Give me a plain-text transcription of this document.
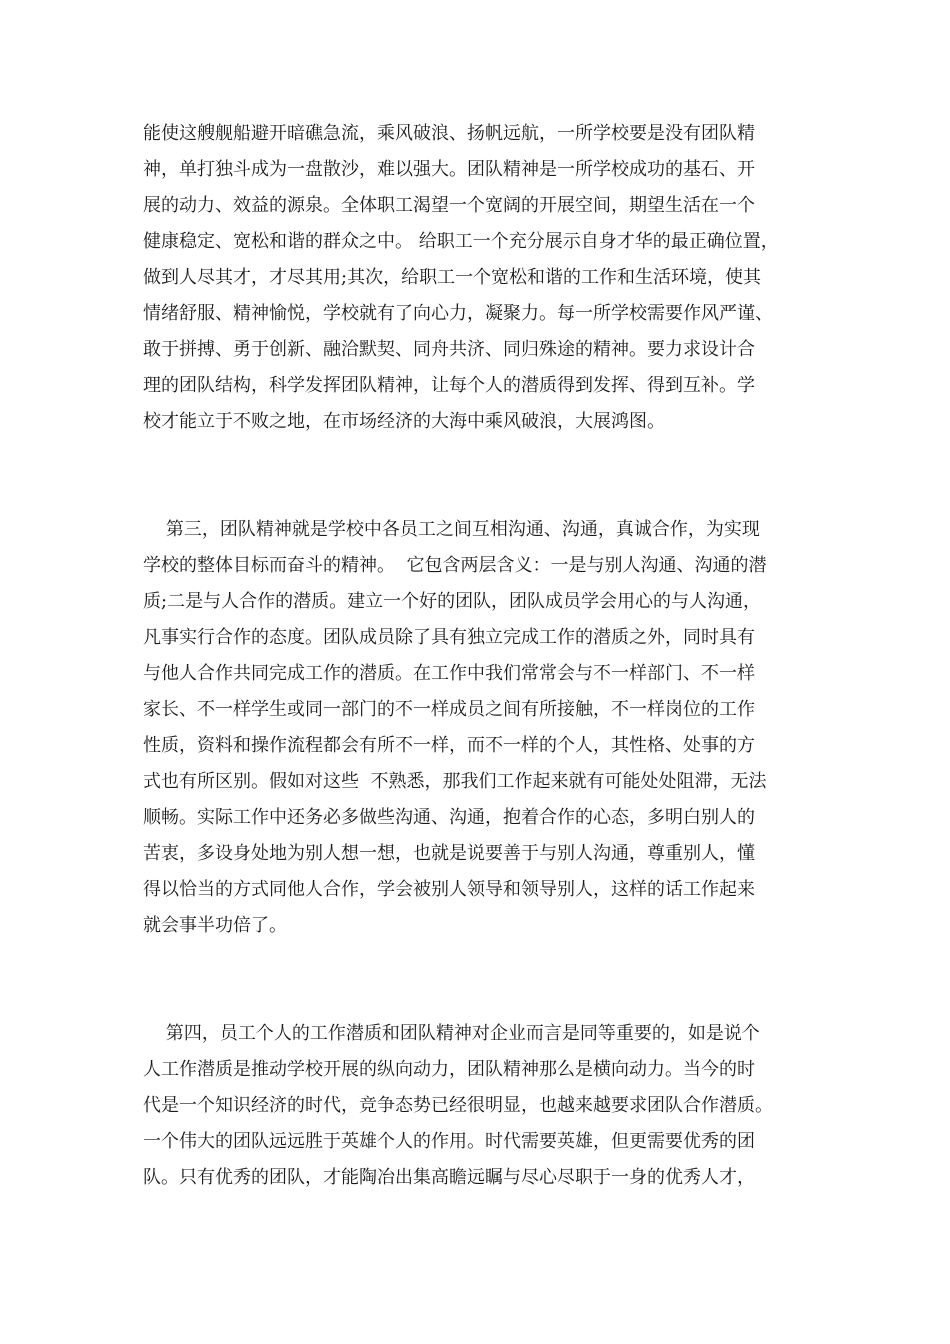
能使这艘舰船避开暗礁急流，乘风破浪、扬帆远航，一所学校要是没有团队精
神，单打独斗成为一盘散沙，难以强大。团队精神是一所学校成功的基石、开
展的动力、效益的源泉。全体职工渴望一个宽阔的开展空间，期望生活在一个
健康稳定、宽松和谐的群众之中。 给职工一个充分展示自身才华的最正确位置，
做到人尽其才，才尽其用;其次，给职工一个宽松和谐的工作和生活环境，使其
情绪舒服、精神愉悦，学校就有了向心力，凝聚力。每一所学校需要作风严谨、
敢于拼搏、勇于创新、融洽默契、同舟共济、同归殊途的精神。要力求设计合
理的团队结构，科学发挥团队精神，让每个人的潜质得到发挥、得到互补。学
校才能立于不败之地，在市场经济的大海中乘风破浪，大展鸿图。
第三，团队精神就是学校中各员工之间互相沟通、沟通，真诚合作，为实现
学校的整体目标而奋斗的精神。  它包含两层含义：一是与别人沟通、沟通的潜
质;二是与人合作的潜质。建立一个好的团队，团队成员学会用心的与人沟通，
凡事实行合作的态度。团队成员除了具有独立完成工作的潜质之外，同时具有
与他人合作共同完成工作的潜质。在工作中我们常常会与不一样部门、不一样
家长、不一样学生或同一部门的不一样成员之间有所接触，不一样岗位的工作
性质，资料和操作流程都会有所不一样，而不一样的个人，其性格、处事的方
式也有所区别。假如对这些  不熟悉，那我们工作起来就有可能处处阻滞，无法
顺畅。实际工作中还务必多做些沟通、沟通，抱着合作的心态，多明白别人的
苦衷，多设身处地为别人想一想，也就是说要善于与别人沟通，尊重别人，懂
得以恰当的方式同他人合作，学会被别人领导和领导别人，这样的话工作起来
就会事半功倍了。
第四，员工个人的工作潜质和团队精神对企业而言是同等重要的，如是说个
人工作潜质是推动学校开展的纵向动力，团队精神那么是横向动力。当今的时
代是一个知识经济的时代，竞争态势已经很明显，也越来越要求团队合作潜质。
一个伟大的团队远远胜于英雄个人的作用。时代需要英雄，但更需要优秀的团
队。只有优秀的团队，才能陶冶出集高瞻远瞩与尽心尽职于一身的优秀人才，
